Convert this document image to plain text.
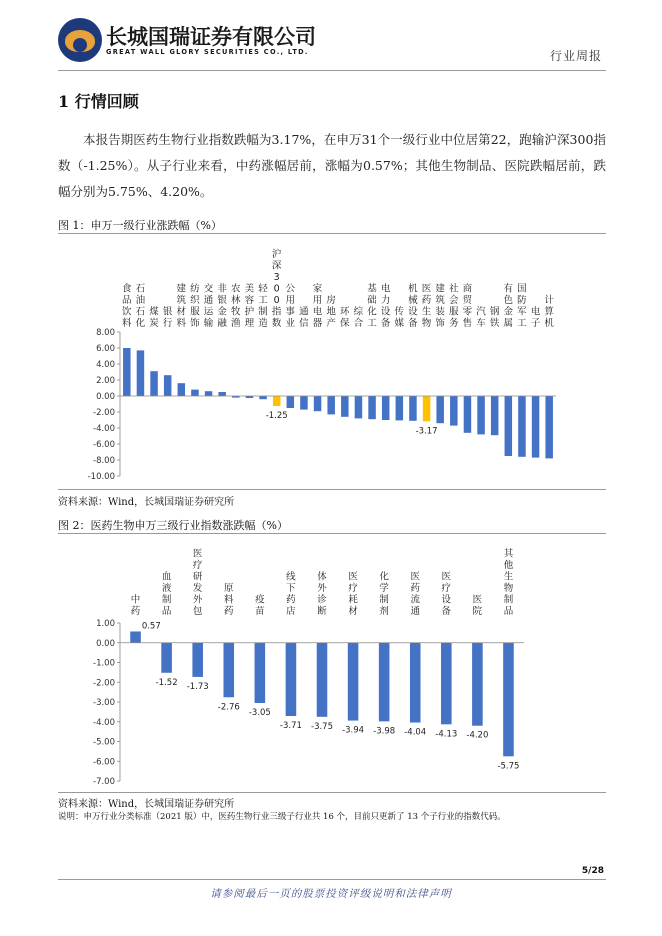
长城国瑞证券有限公司
GREAT WALL GLORY SECURITIES CO., LTD.	行业周报
1 行情回顾
本报告期医药生物行业指数跌幅为3.17%，在申万31个一级行业中位居第22，跑输沪深300指数（-1.25%）。从子行业来看，中药涨幅居前，涨幅为0.57%；其他生物制品、医院跌幅居前，跌幅分别为5.75%、4.20%。
图 1：申万一级行业涨跌幅（%）
8.00
6.00
4.00
2.00
0.00
-2.00
-4.00
-6.00
-8.00
-10.00
食品饮料
石油石化
煤炭
银行
建筑材料
纺织服饰
交通运输
非银金融
农林牧渔
美容护理
轻工制造
沪深 3 0 0 指数
-1.25
公用事业
通信
家用电器
房地产
环保
综合
基础化工
电力设备
传媒
机械设备
医药生物
-3.17
建筑装饰
社会服务
商贸零售
汽车
钢铁
有色金属
国防军工
电子
计算机
资料来源：Wind，长城国瑞证券研究所
图 2：医药生物申万三级行业指数涨跌幅（%）
1.00
0.00
-1.00
-2.00
-3.00
-4.00
-5.00
-6.00
-7.00
中药
0.57
血液制品
-1.52
医疗研发外包
-1.73
原料药
-2.76
疫苗
-3.05
线下药店
-3.71
体外诊断
-3.75
医疗耗材
-3.94
化学制剂
-3.98
医药流通
-4.04
医疗设备
-4.13
医院
-4.20
其他生物制品
-5.75
资料来源：Wind，长城国瑞证券研究所
说明：申万行业分类标准（2021 版）中，医药生物行业三级子行业共 16 个，目前只更新了 13 个子行业的指数代码。
5/28
请参阅最后一页的股票投资评级说明和法律声明
